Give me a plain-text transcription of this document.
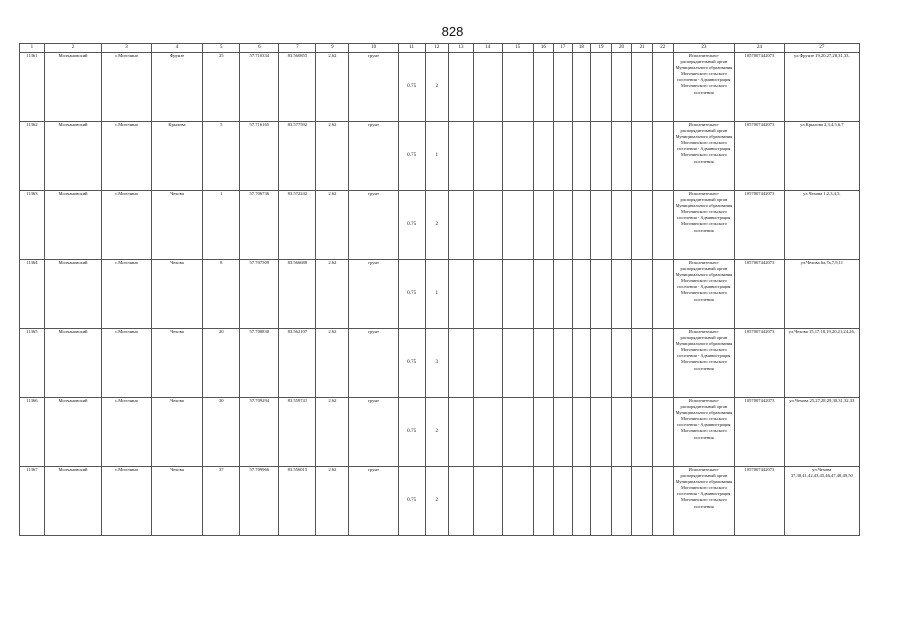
828
1	2	3	4	5	6	7	9	10	11	12	13	14	15	16	17	18	19	20	21	22	23	24	27
11361	Молчановский	с.Могочино	Фрунзе	25	57.710334	83.560855	2.62	грунт	0.75	2											Исполнительно-распорядительный орган Муниципального образования Могочинского сельского поселения - Администрация Могочинского сельского поселения	1057007442073	ул.Фрунзе 19,20,27,28,31,33,
11362	Молчановский	с.Могочино	Крылова	5	57.716165	83.577592	2.62	грунт	0.75	1											Исполнительно-распорядительный орган Муниципального образования Могочинского сельского поселения - Администрация Могочинского сельского поселения	1057007442073	ул.Крылова 2,3,4,5,6,7
11363	Молчановский	с.Могочино	Чехова	1	57.706736	83.572242	2.62	грунт	0.75	2											Исполнительно-распорядительный орган Муниципального образования Могочинского сельского поселения - Администрация Могочинского сельского поселения	1057007442073	ул.Чехова 1,2,3,4,5,
11364	Молчановский	с.Могочино	Чехова	8	57.707509	83.566688	2.62	грунт	0.75	1											Исполнительно-распорядительный орган Муниципального образования Могочинского сельского поселения - Администрация Могочинского сельского поселения	1057007442073	ул.Чехова 6а,7а,7,9,11
11365	Молчановский	с.Могочино	Чехова	20	57.708830	83.562107	2.62	грунт	0.75	3											Исполнительно-распорядительный орган Муниципального образования Могочинского сельского поселения - Администрация Могочинского сельского поселения	1057007442073	ул.Чехова 15,17,18,19,20,21,24,26,
11366	Молчановский	с.Могочино	Чехова	30	57.709294	83.559741	2.62	грунт	0.75	2											Исполнительно-распорядительный орган Муниципального образования Могочинского сельского поселения - Администрация Могочинского сельского поселения	1057007442073	ул.Чехова 25,27,28,29,30,31,32,33
11367	Молчановский	с.Могочино	Чехова	37	57.709966	83.556015	2.62	грунт	0.75	2											Исполнительно-распорядительный орган Муниципального образования Могочинского сельского поселения - Администрация Могочинского сельского поселения	1057007442073	ул.Чехова 37,38,41,42,43,45,46,47,48,49,50
